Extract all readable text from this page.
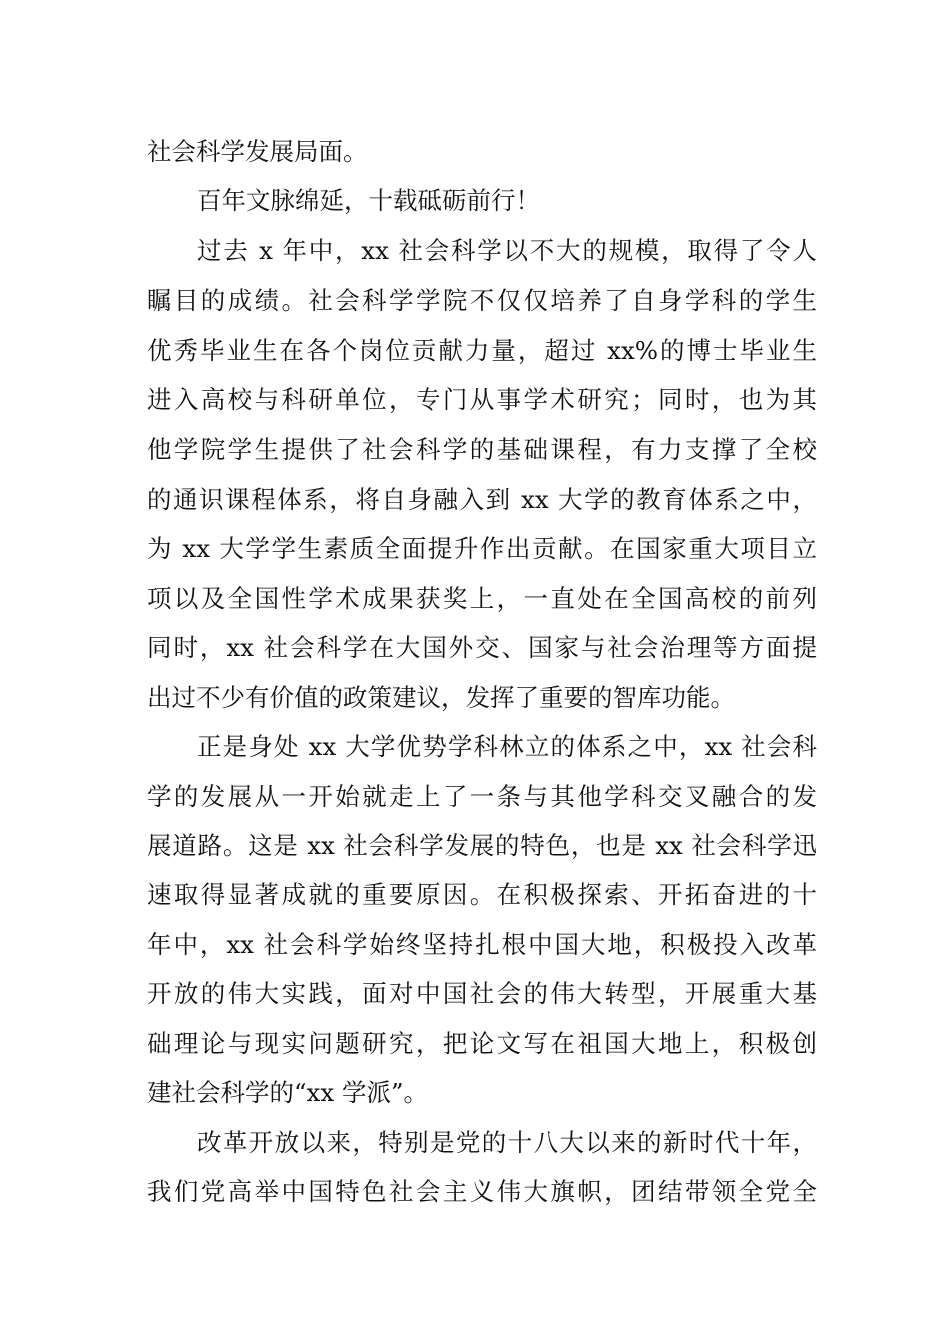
社会科学发展局面。

百年文脉绵延，十载砥砺前行！

过去 x 年中，xx 社会科学以不大的规模，取得了令人

瞩目的成绩。社会科学学院不仅仅培养了自身学科的学生

优秀毕业生在各个岗位贡献力量，超过 xx%的博士毕业生

进入高校与科研单位，专门从事学术研究；同时，也为其

他学院学生提供了社会科学的基础课程，有力支撑了全校

的通识课程体系，将自身融入到 xx 大学的教育体系之中，

为 xx 大学学生素质全面提升作出贡献。在国家重大项目立

项以及全国性学术成果获奖上，一直处在全国高校的前列

同时，xx 社会科学在大国外交、国家与社会治理等方面提

出过不少有价值的政策建议，发挥了重要的智库功能。

正是身处 xx 大学优势学科林立的体系之中，xx 社会科

学的发展从一开始就走上了一条与其他学科交叉融合的发

展道路。这是 xx 社会科学发展的特色，也是 xx 社会科学迅

速取得显著成就的重要原因。在积极探索、开拓奋进的十

年中，xx 社会科学始终坚持扎根中国大地，积极投入改革

开放的伟大实践，面对中国社会的伟大转型，开展重大基

础理论与现实问题研究，把论文写在祖国大地上，积极创

建社会科学的“xx 学派”。

改革开放以来，特别是党的十八大以来的新时代十年，

我们党高举中国特色社会主义伟大旗帜，团结带领全党全
